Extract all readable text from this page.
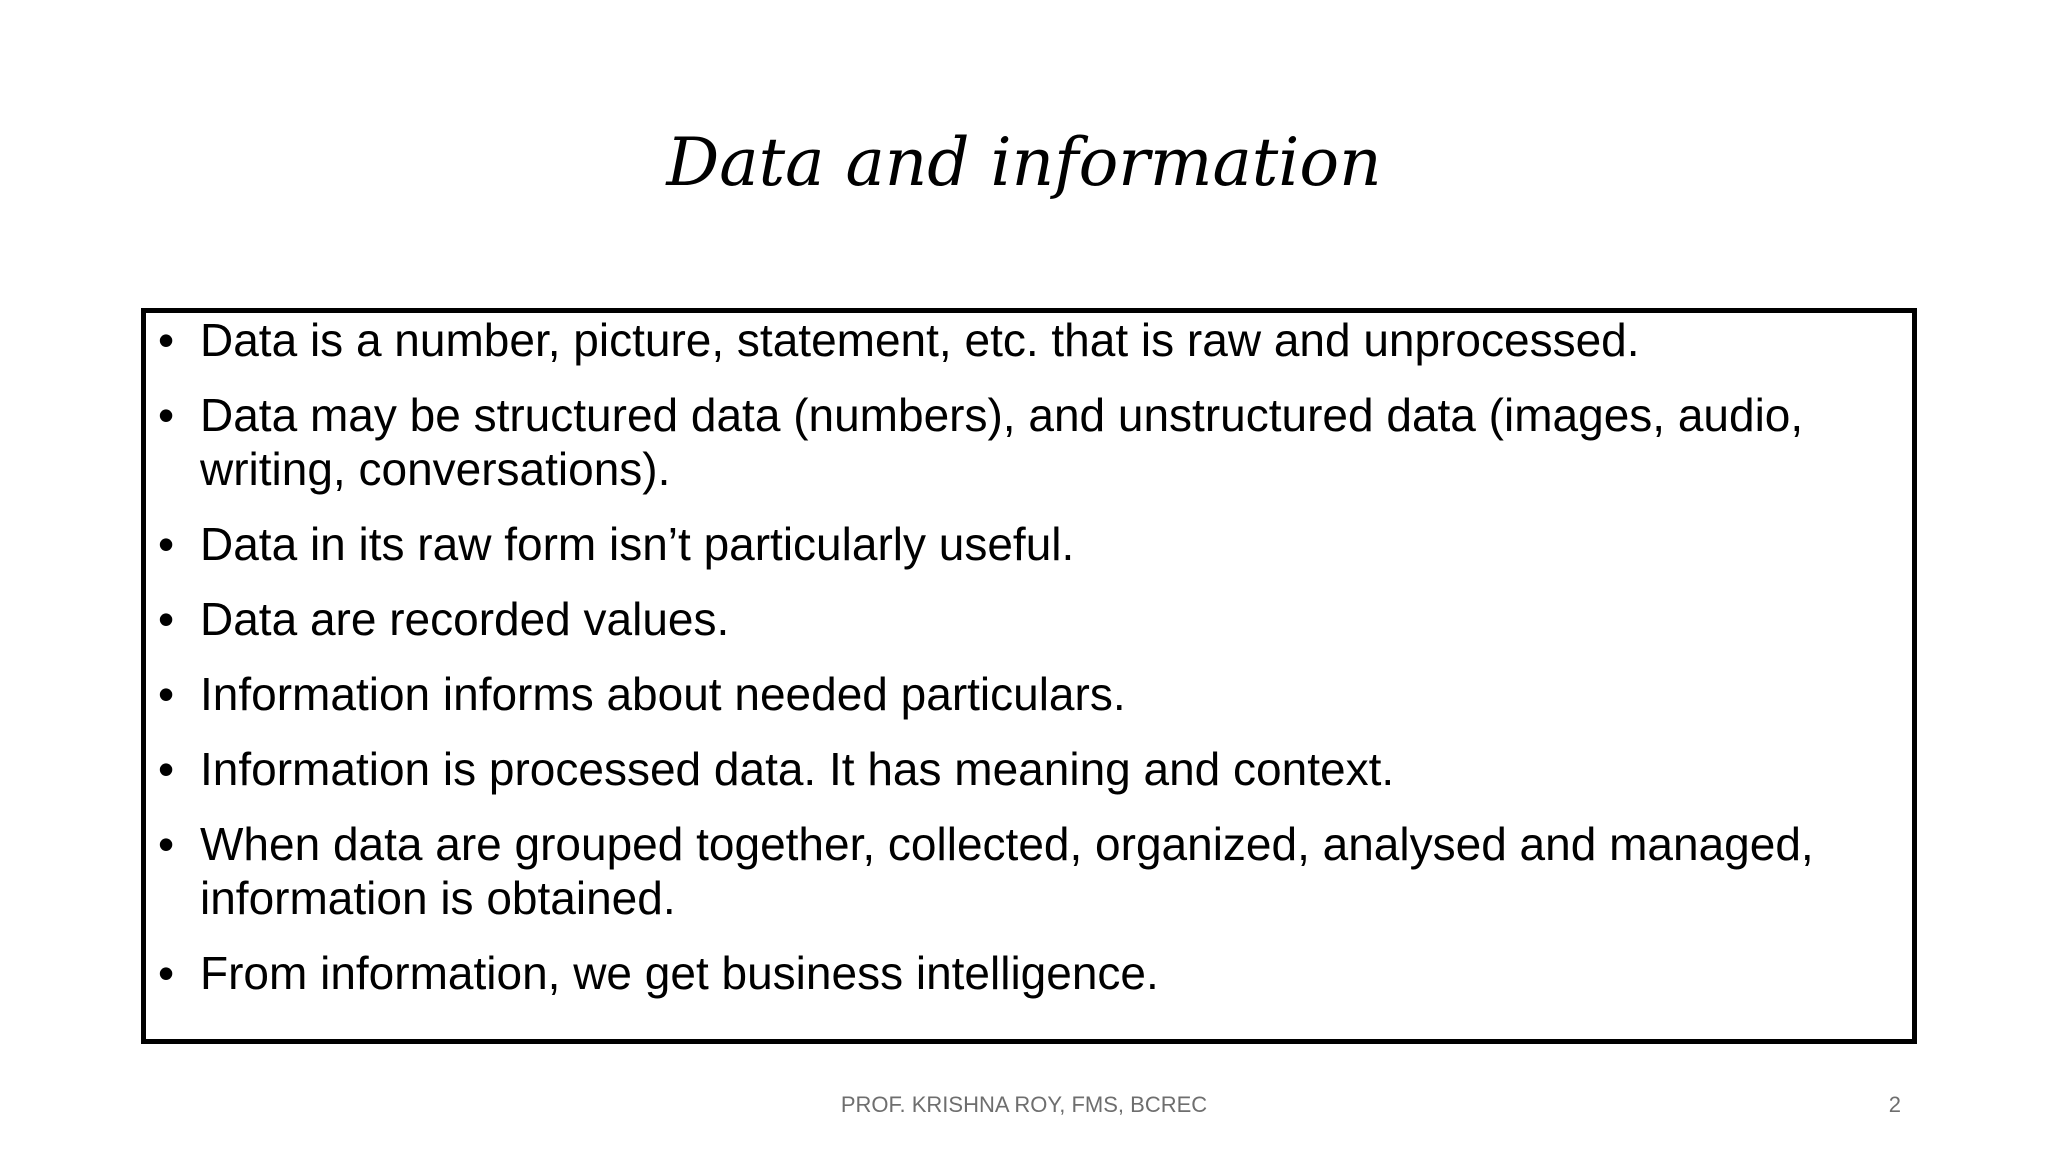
Data and information
• Data is a number, picture, statement, etc. that is raw and unprocessed.
• Data may be structured data (numbers), and unstructured data (images, audio, writing, conversations).
• Data in its raw form isn’t particularly useful.
• Data are recorded values.
• Information informs about needed particulars.
• Information is processed data. It has meaning and context.
• When data are grouped together, collected, organized, analysed and managed, information is obtained.
• From information, we get business intelligence.
PROF. KRISHNA ROY, FMS, BCREC	2
